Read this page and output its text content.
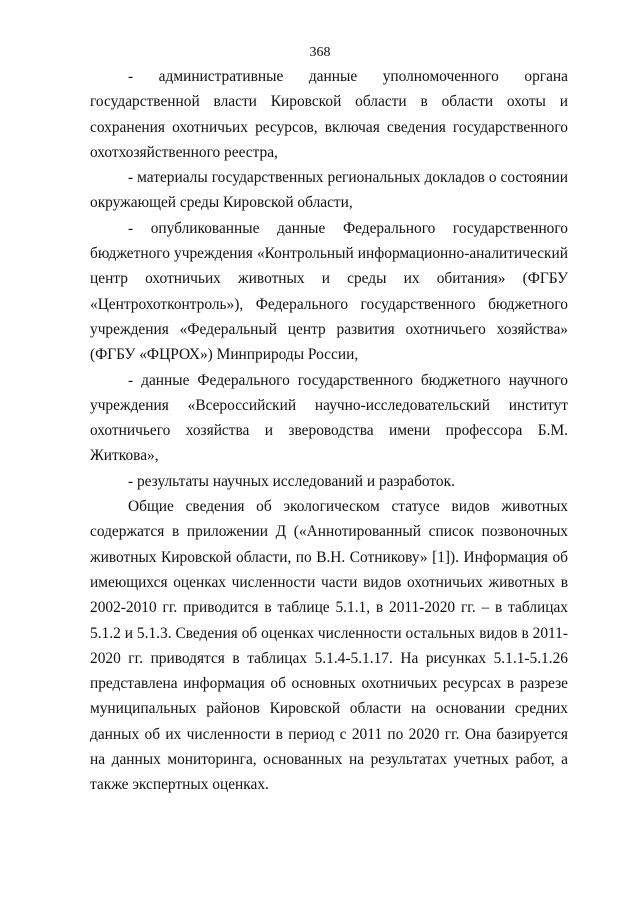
368

- административные данные уполномоченного органа государственной власти Кировской области в области охоты и сохранения охотничьих ресурсов, включая сведения государственного охотхозяйственного реестра,

- материалы государственных региональных докладов о состоянии окружающей среды Кировской области,

- опубликованные данные Федерального государственного бюджетного учреждения «Контрольный информационно-аналитический центр охотничьих животных и среды их обитания» (ФГБУ «Центрохотконтроль»), Федерального государственного бюджетного учреждения «Федеральный центр развития охотничьего хозяйства» (ФГБУ «ФЦРОХ») Минприроды России,

- данные Федерального государственного бюджетного научного учреждения «Всероссийский научно-исследовательский институт охотничьего хозяйства и звероводства имени профессора Б.М. Житкова»,

- результаты научных исследований и разработок.

Общие сведения об экологическом статусе видов животных содержатся в приложении Д («Аннотированный список позвоночных животных Кировской области, по В.Н. Сотникову» [1]). Информация об имеющихся оценках численности части видов охотничьих животных в 2002-2010 гг. приводится в таблице 5.1.1, в 2011-2020 гг. – в таблицах 5.1.2 и 5.1.3. Сведения об оценках численности остальных видов в 2011-2020 гг. приводятся в таблицах 5.1.4-5.1.17. На рисунках 5.1.1-5.1.26 представлена информация об основных охотничьих ресурсах в разрезе муниципальных районов Кировской области на основании средних данных об их численности в период с 2011 по 2020 гг. Она базируется на данных мониторинга, основанных на результатах учетных работ, а также экспертных оценках.
